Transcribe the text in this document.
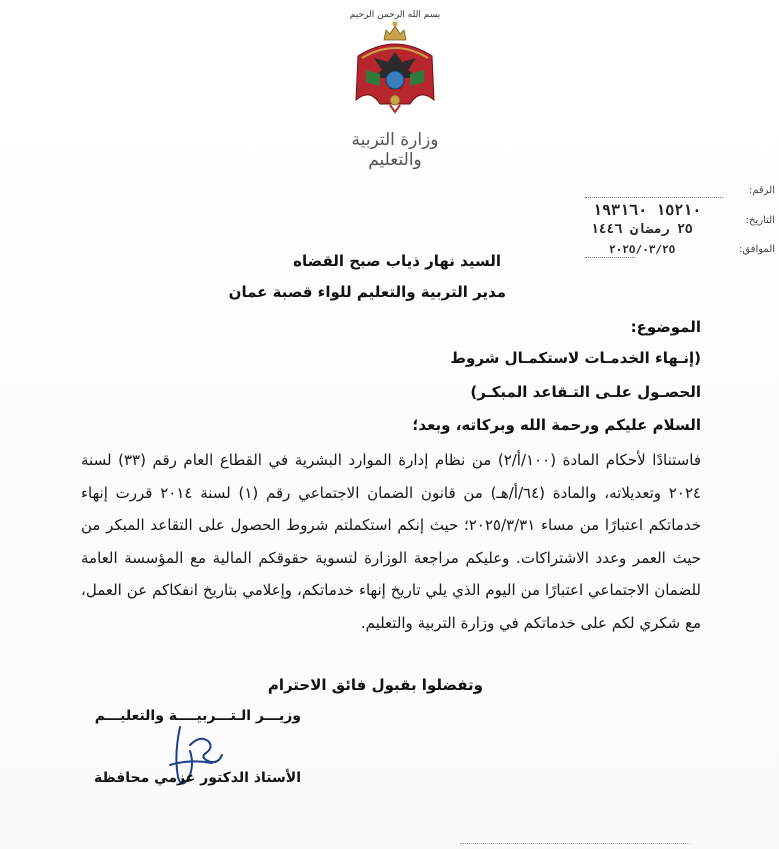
بسم الله الرحمن الرحيم
وزارة التربية والتعليم
الرقم:
١٥٢١٠ ١٩٣١٦٠
التاريخ:
٢٥ رمضان ١٤٤٦
الموافق:
٢٠٢٥/٠٣/٢٥
السيد نهار ذياب صبح القضاه
مدير التربية والتعليم للواء قصبة عمان
الموضوع:
(إنـهاء الخدمـات لاستكمـال شروط
الحصـول علـى التـقاعد المبكـر)
السلام عليكم ورحمة الله وبركاته، وبعد؛
فاستنادًا لأحكام المادة (١٠٠/أ/٢) من نظام إدارة الموارد البشرية في القطاع العام رقم (٣٣) لسنة ٢٠٢٤ وتعديلاته، والمادة (٦٤/أ/هـ) من قانون الضمان الاجتماعي رقم (١) لسنة ٢٠١٤ قررت إنهاء خدماتكم اعتبارًا من مساء ٢٠٢٥/٣/٣١؛ حيث إنكم استكملتم شروط الحصول على التقاعد المبكر من حيث العمر وعدد الاشتراكات. وعليكم مراجعة الوزارة لتسوية حقوقكم المالية مع المؤسسة العامة للضمان الاجتماعي اعتبارًا من اليوم الذي يلي تاريخ إنهاء خدماتكم، وإعلامي بتاريخ انفكاكم عن العمل، مع شكري لكم على خدماتكم في وزارة التربية والتعليم.
وتفضلوا بقبول فائق الاحترام
وزيـــر الـتـــربيــــة والتعليـــم
الأستاذ الدكتور عزمي محافظة
